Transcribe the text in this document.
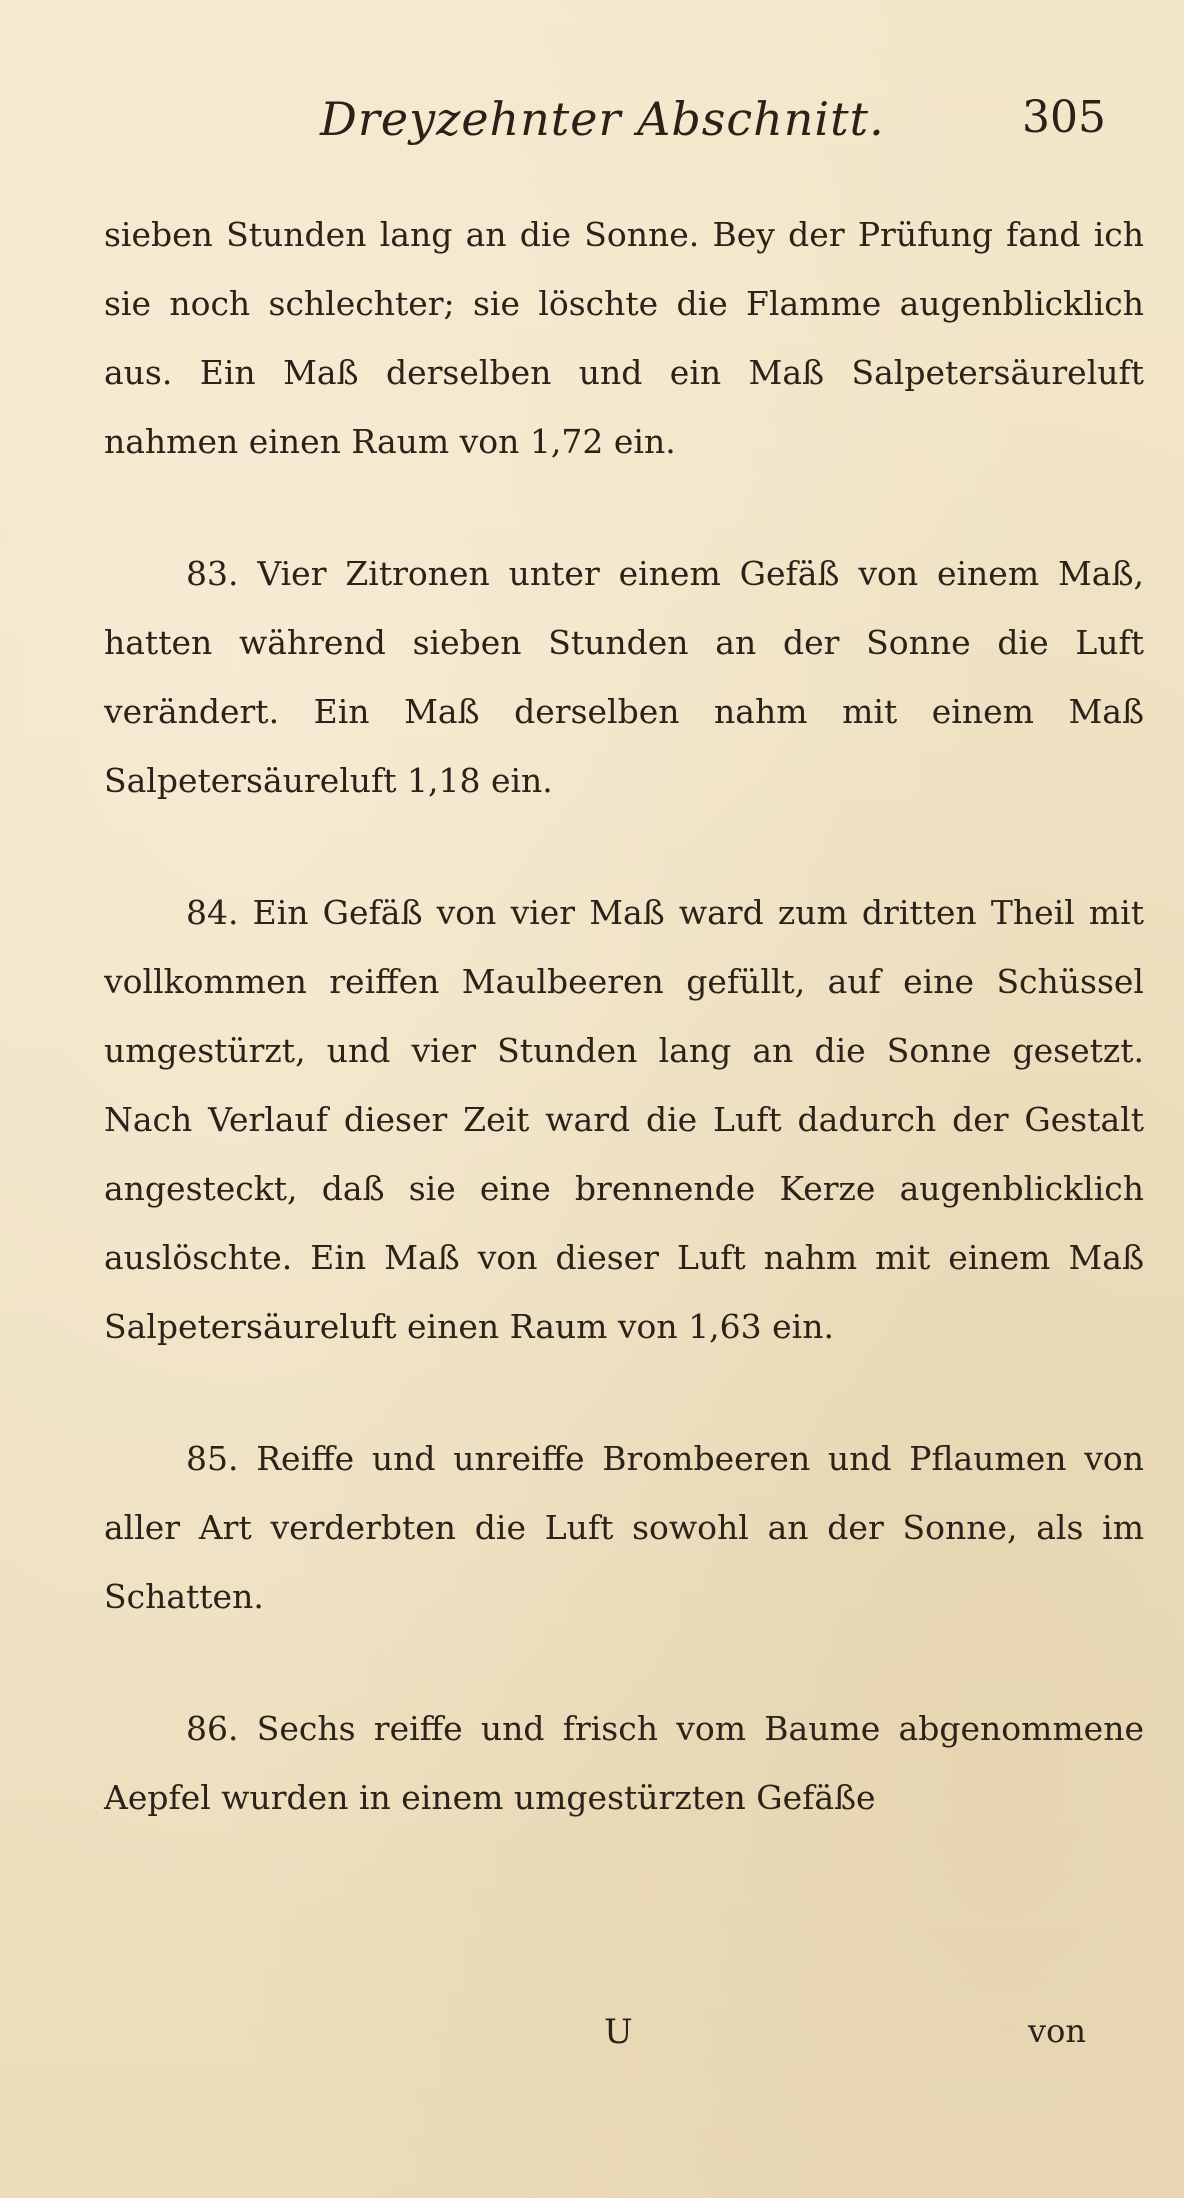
Dreyzehnter Abschnitt.	305

sieben Stunden lang an die Sonne. Bey der Prüfung fand ich sie noch schlechter; sie löschte die Flamme augenblicklich aus. Ein Maß derselben und ein Maß Salpetersäureluft nahmen einen Raum von 1,72 ein.

83. Vier Zitronen unter einem Gefäß von einem Maß, hatten während sieben Stunden an der Sonne die Luft verändert. Ein Maß derselben nahm mit einem Maß Salpetersäureluft 1,18 ein.

84. Ein Gefäß von vier Maß ward zum dritten Theil mit vollkommen reiffen Maulbeeren gefüllt, auf eine Schüssel umgestürzt, und vier Stunden lang an die Sonne gesetzt. Nach Verlauf dieser Zeit ward die Luft dadurch der Gestalt angesteckt, daß sie eine brennende Kerze augenblicklich auslöschte. Ein Maß von dieser Luft nahm mit einem Maß Salpetersäureluft einen Raum von 1,63 ein.

85. Reiffe und unreiffe Brombeeren und Pflaumen von aller Art verderbten die Luft sowohl an der Sonne, als im Schatten.

86. Sechs reiffe und frisch vom Baume abgenommene Aepfel wurden in einem umgestürzten Gefäße

U	von
